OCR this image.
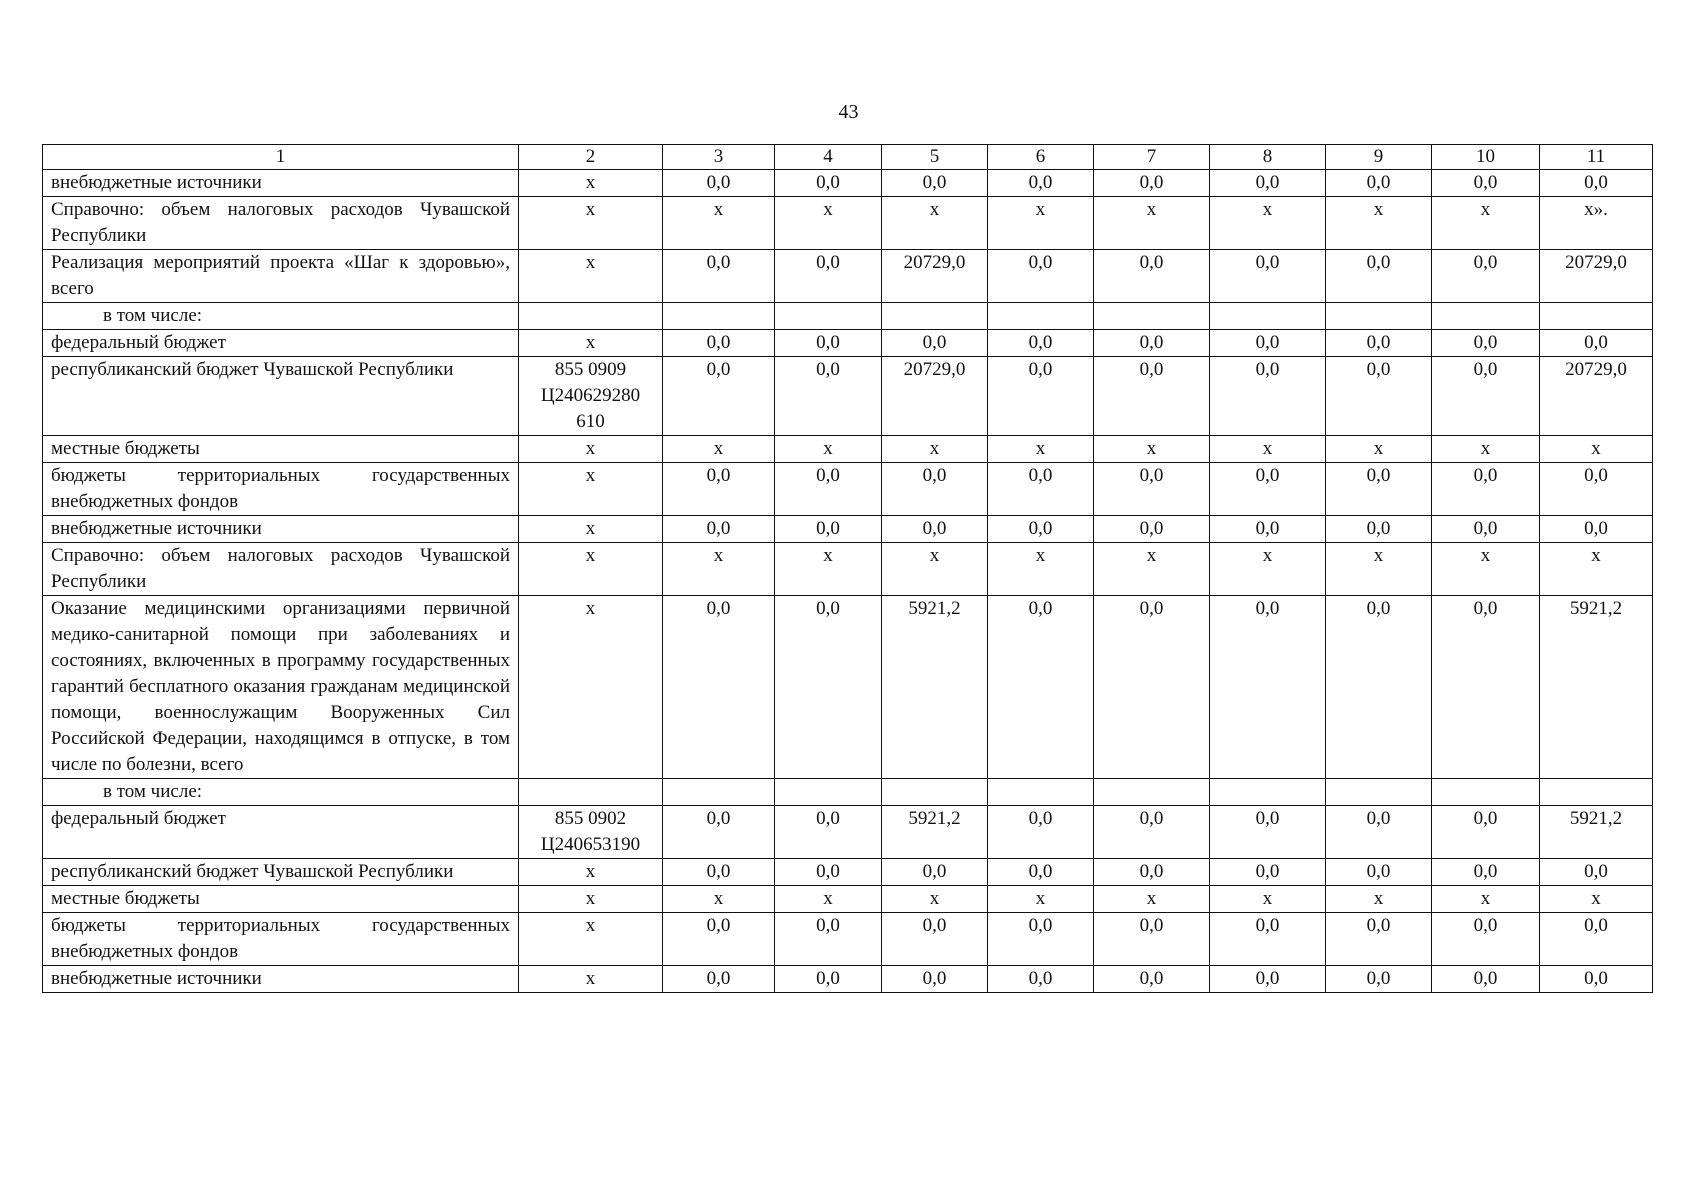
43
1	2	3	4	5	6	7	8	9	10	11
внебюджетные источники	х	0,0	0,0	0,0	0,0	0,0	0,0	0,0	0,0	0,0
Справочно: объем налоговых расходов Чувашской Республики	х	х	х	х	х	х	х	х	х	х».
Реализация мероприятий проекта «Шаг к здоровью», всего	х	0,0	0,0	20729,0	0,0	0,0	0,0	0,0	0,0	20729,0
в том числе:										
федеральный бюджет	х	0,0	0,0	0,0	0,0	0,0	0,0	0,0	0,0	0,0
республиканский бюджет Чувашской Республики	855 0909 Ц240629280 610	0,0	0,0	20729,0	0,0	0,0	0,0	0,0	0,0	20729,0
местные бюджеты	х	х	х	х	х	х	х	х	х	х
бюджеты территориальных государственных внебюджетных фондов	х	0,0	0,0	0,0	0,0	0,0	0,0	0,0	0,0	0,0
внебюджетные источники	х	0,0	0,0	0,0	0,0	0,0	0,0	0,0	0,0	0,0
Справочно: объем налоговых расходов Чувашской Республики	х	х	х	х	х	х	х	х	х	х
Оказание медицинскими организациями первичной медико-санитарной помощи при заболеваниях и состояниях, включенных в программу государственных гарантий бесплатного оказания гражданам медицинской помощи, военнослужащим Вооруженных Сил Российской Федерации, находящимся в отпуске, в том числе по болезни, всего	х	0,0	0,0	5921,2	0,0	0,0	0,0	0,0	0,0	5921,2
в том числе:										
федеральный бюджет	855 0902 Ц240653190	0,0	0,0	5921,2	0,0	0,0	0,0	0,0	0,0	5921,2
республиканский бюджет Чувашской Республики	х	0,0	0,0	0,0	0,0	0,0	0,0	0,0	0,0	0,0
местные бюджеты	х	х	х	х	х	х	х	х	х	х
бюджеты территориальных государственных внебюджетных фондов	х	0,0	0,0	0,0	0,0	0,0	0,0	0,0	0,0	0,0
внебюджетные источники	х	0,0	0,0	0,0	0,0	0,0	0,0	0,0	0,0	0,0
